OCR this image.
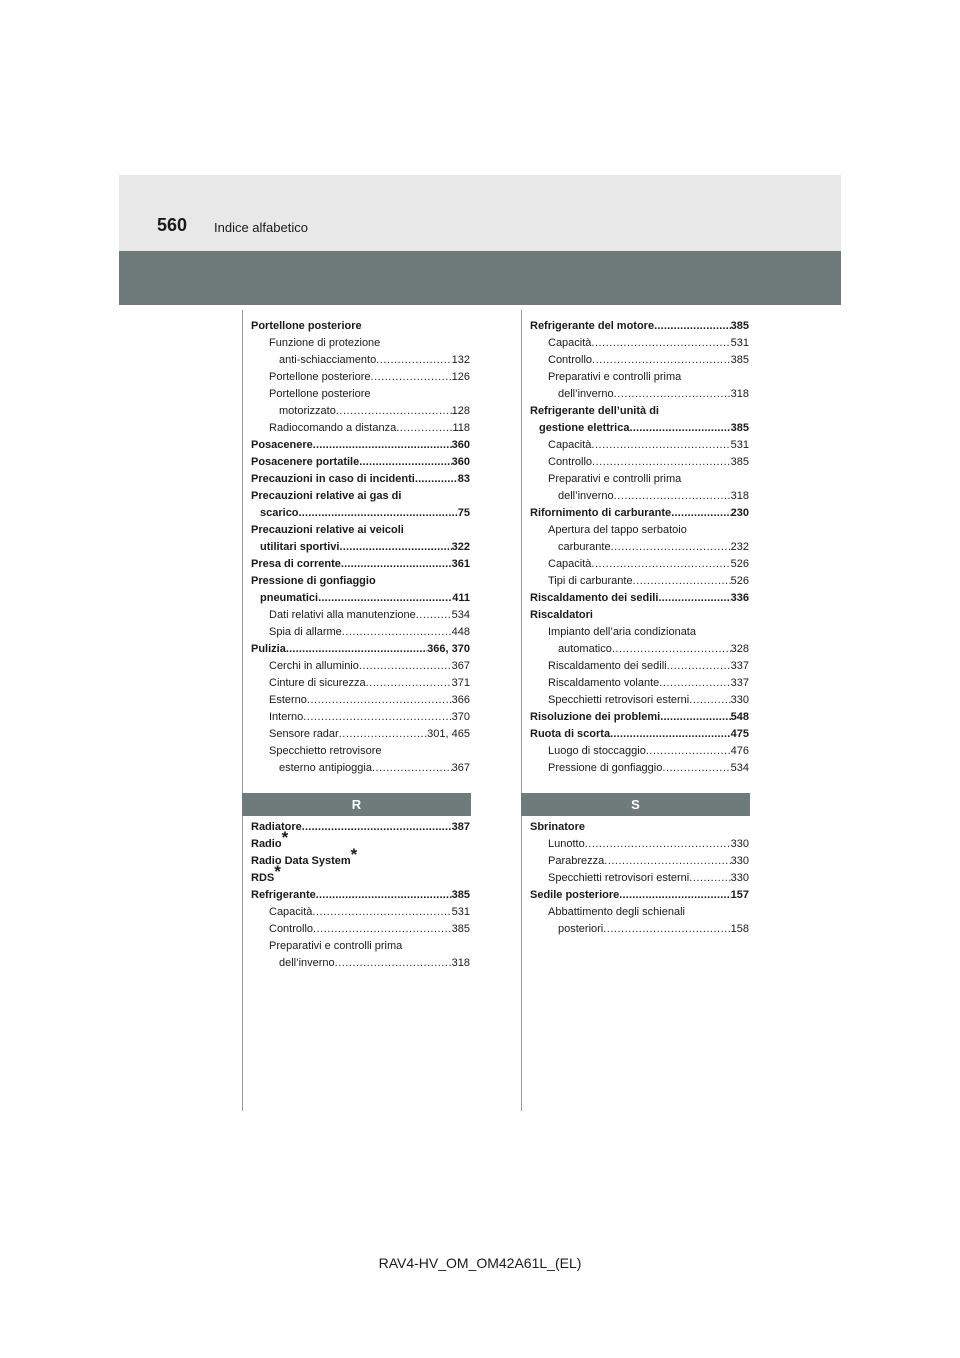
560 Indice alfabetico
Portellone posteriore
Funzione di protezione
anti-schiacciamento .....	132
Portellone posteriore .....	126
Portellone posteriore
motorizzato .....	128
Radiocomando a distanza .....	118
Posacenere .....	360
Posacenere portatile .....	360
Precauzioni in caso di incidenti .....	83
Precauzioni relative ai gas di
scarico .....	75
Precauzioni relative ai veicoli
utilitari sportivi .....	322
Presa di corrente .....	361
Pressione di gonfiaggio
pneumatici .....	411
Dati relativi alla manutenzione .....	534
Spia di allarme .....	448
Pulizia .....	366, 370
Cerchi in alluminio .....	367
Cinture di sicurezza .....	371
Esterno .....	366
Interno .....	370
Sensore radar .....	301, 465
Specchietto retrovisore
esterno antipioggia .....	367
Refrigerante del motore .....	385
Capacità .....	531
Controllo .....	385
Preparativi e controlli prima
dell’inverno .....	318
Refrigerante dell’unità di
gestione elettrica .....	385
Capacità .....	531
Controllo .....	385
Preparativi e controlli prima
dell’inverno .....	318
Rifornimento di carburante .....	230
Apertura del tappo serbatoio
carburante .....	232
Capacità .....	526
Tipi di carburante .....	526
Riscaldamento dei sedili .....	336
Riscaldatori
Impianto dell’aria condizionata
automatico .....	328
Riscaldamento dei sedili .....	337
Riscaldamento volante .....	337
Specchietti retrovisori esterni .....	330
Risoluzione dei problemi .....	548
Ruota di scorta .....	475
Luogo di stoccaggio .....	476
Pressione di gonfiaggio .....	534
R	S
Radiatore .....	387
Radio*
Radio Data System*
RDS*
Refrigerante .....	385
Capacità .....	531
Controllo .....	385
Preparativi e controlli prima
dell’inverno .....	318
Sbrinatore
Lunotto .....	330
Parabrezza .....	330
Specchietti retrovisori esterni .....	330
Sedile posteriore .....	157
Abbattimento degli schienali
posteriori .....	158
RAV4-HV_OM_OM42A61L_(EL)
